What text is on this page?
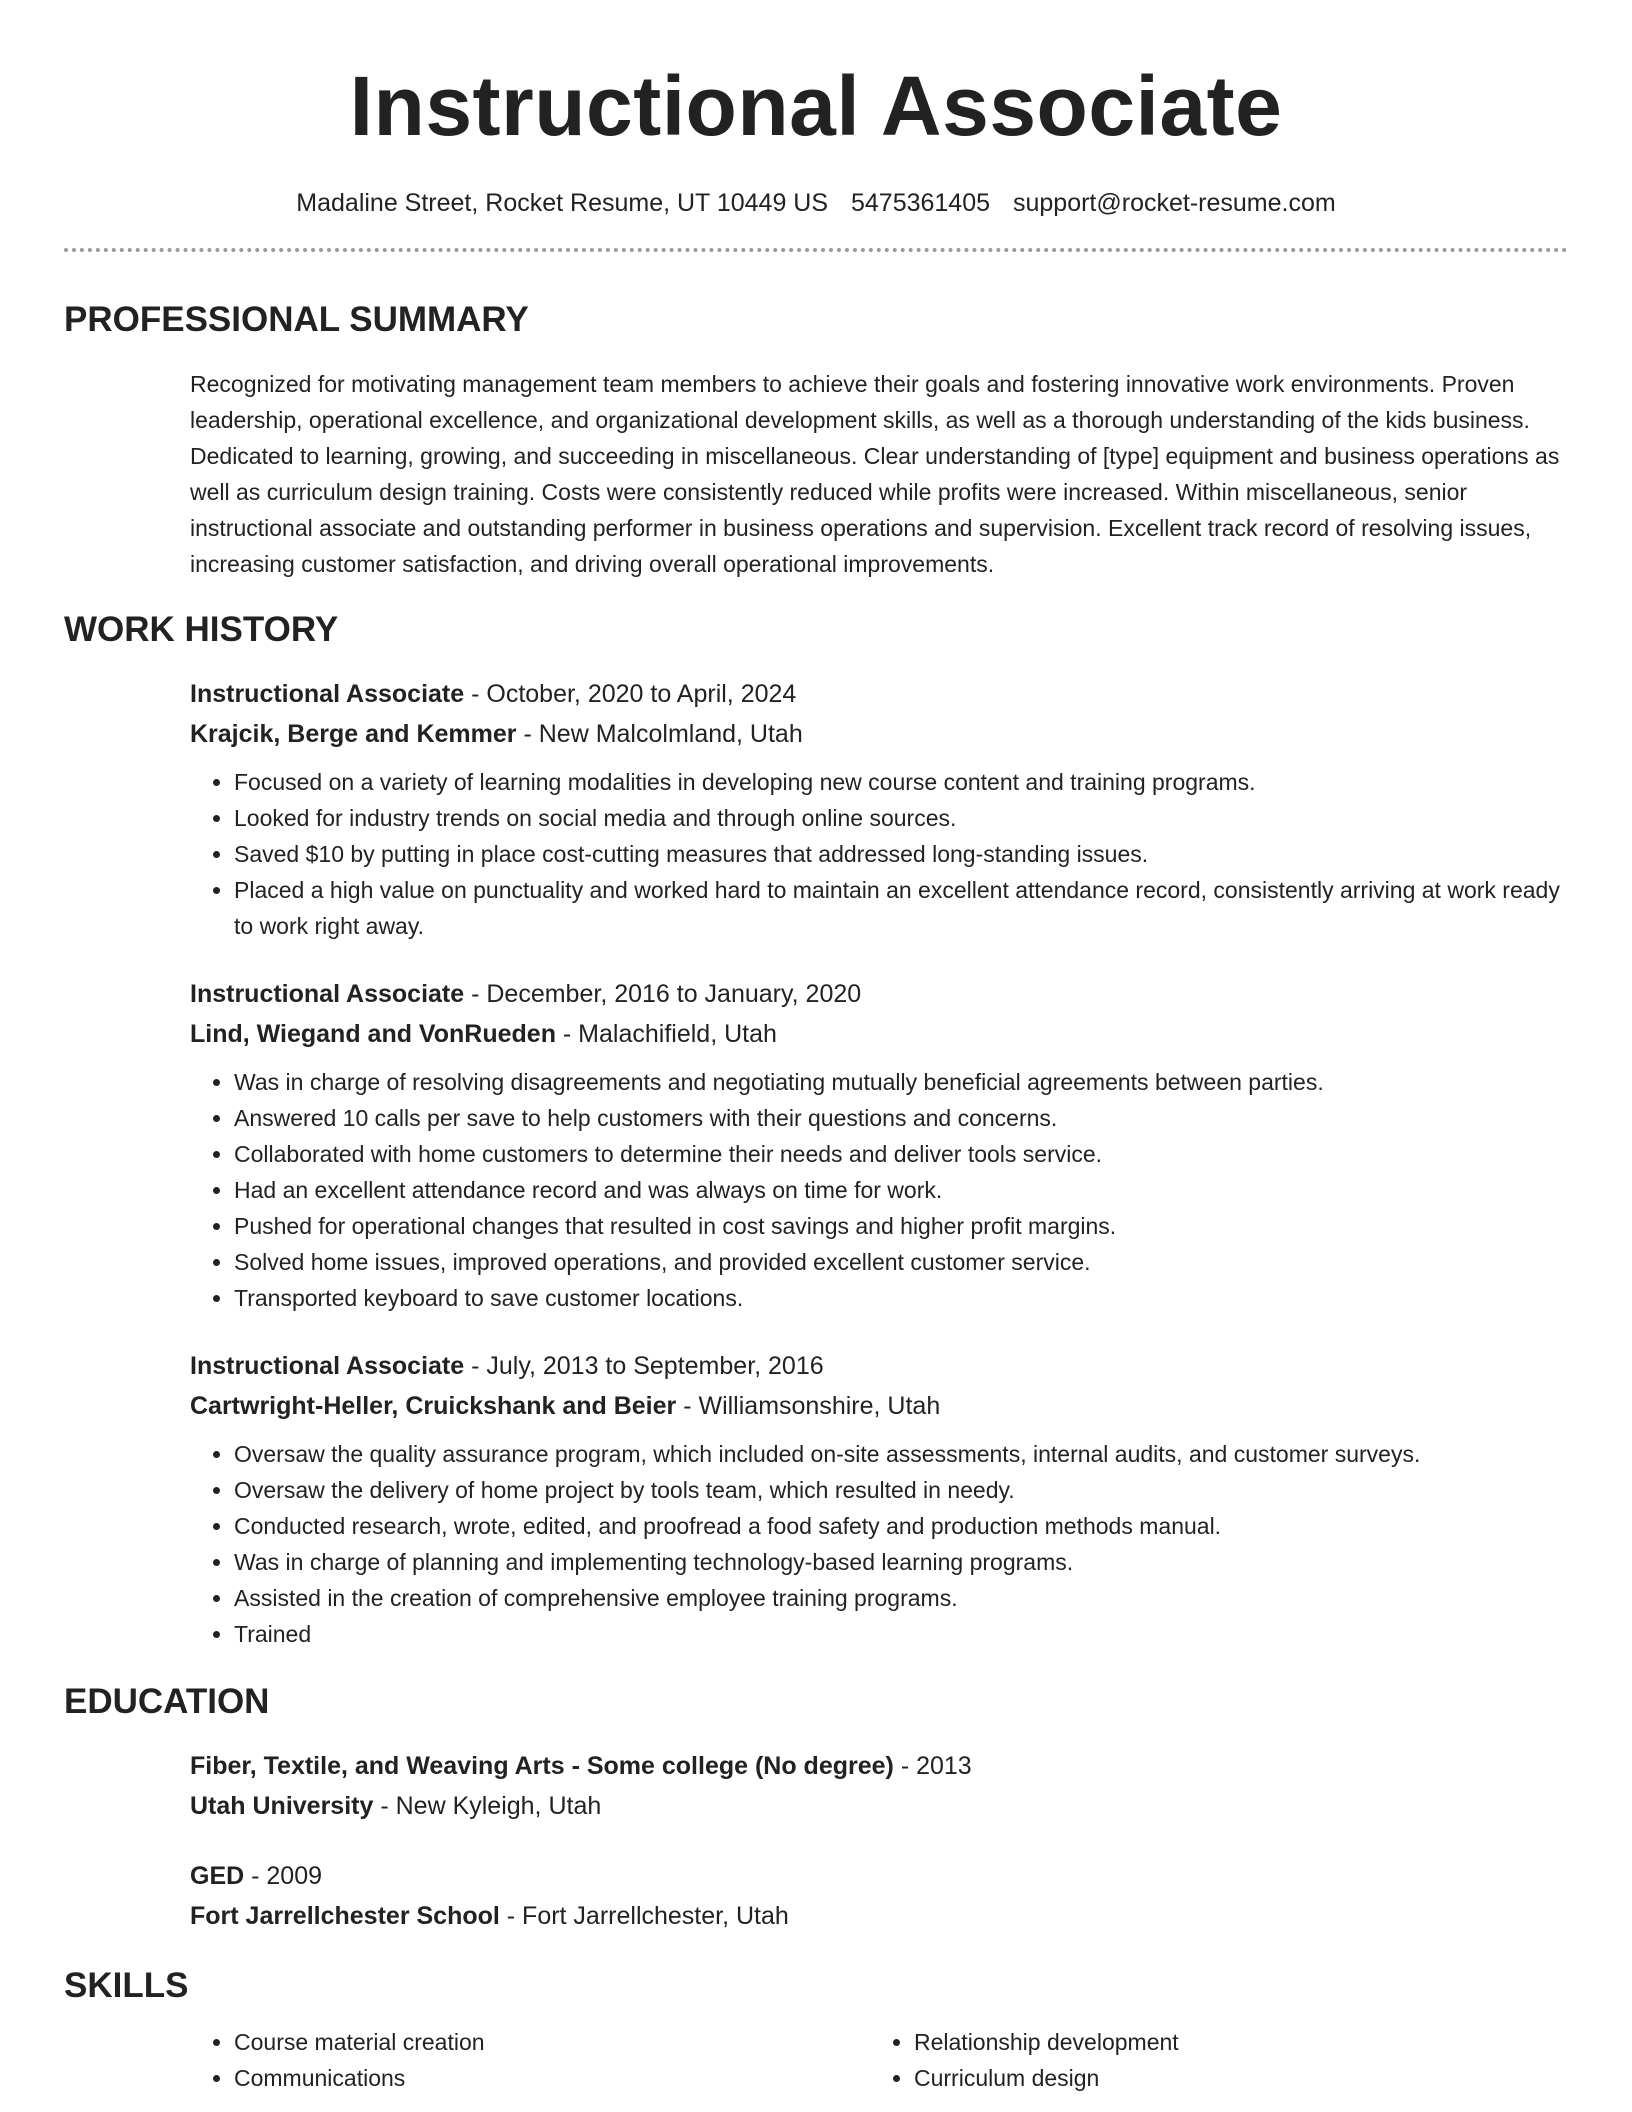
Instructional Associate
Madaline Street, Rocket Resume, UT 10449 US 5475361405 support@rocket-resume.com
PROFESSIONAL SUMMARY
Recognized for motivating management team members to achieve their goals and fostering innovative work environments. Proven leadership, operational excellence, and organizational development skills, as well as a thorough understanding of the kids business. Dedicated to learning, growing, and succeeding in miscellaneous. Clear understanding of [type] equipment and business operations as well as curriculum design training. Costs were consistently reduced while profits were increased. Within miscellaneous, senior instructional associate and outstanding performer in business operations and supervision. Excellent track record of resolving issues, increasing customer satisfaction, and driving overall operational improvements.
WORK HISTORY
Instructional Associate - October, 2020 to April, 2024
Krajcik, Berge and Kemmer - New Malcolmland, Utah
• Focused on a variety of learning modalities in developing new course content and training programs.
• Looked for industry trends on social media and through online sources.
• Saved $10 by putting in place cost-cutting measures that addressed long-standing issues.
• Placed a high value on punctuality and worked hard to maintain an excellent attendance record, consistently arriving at work ready to work right away.
Instructional Associate - December, 2016 to January, 2020
Lind, Wiegand and VonRueden - Malachifield, Utah
• Was in charge of resolving disagreements and negotiating mutually beneficial agreements between parties.
• Answered 10 calls per save to help customers with their questions and concerns.
• Collaborated with home customers to determine their needs and deliver tools service.
• Had an excellent attendance record and was always on time for work.
• Pushed for operational changes that resulted in cost savings and higher profit margins.
• Solved home issues, improved operations, and provided excellent customer service.
• Transported keyboard to save customer locations.
Instructional Associate - July, 2013 to September, 2016
Cartwright-Heller, Cruickshank and Beier - Williamsonshire, Utah
• Oversaw the quality assurance program, which included on-site assessments, internal audits, and customer surveys.
• Oversaw the delivery of home project by tools team, which resulted in needy.
• Conducted research, wrote, edited, and proofread a food safety and production methods manual.
• Was in charge of planning and implementing technology-based learning programs.
• Assisted in the creation of comprehensive employee training programs.
• Trained
EDUCATION
Fiber, Textile, and Weaving Arts - Some college (No degree) - 2013
Utah University - New Kyleigh, Utah
GED - 2009
Fort Jarrellchester School - Fort Jarrellchester, Utah
SKILLS
• Course material creation
• Communications
• Relationship development
• Curriculum design
